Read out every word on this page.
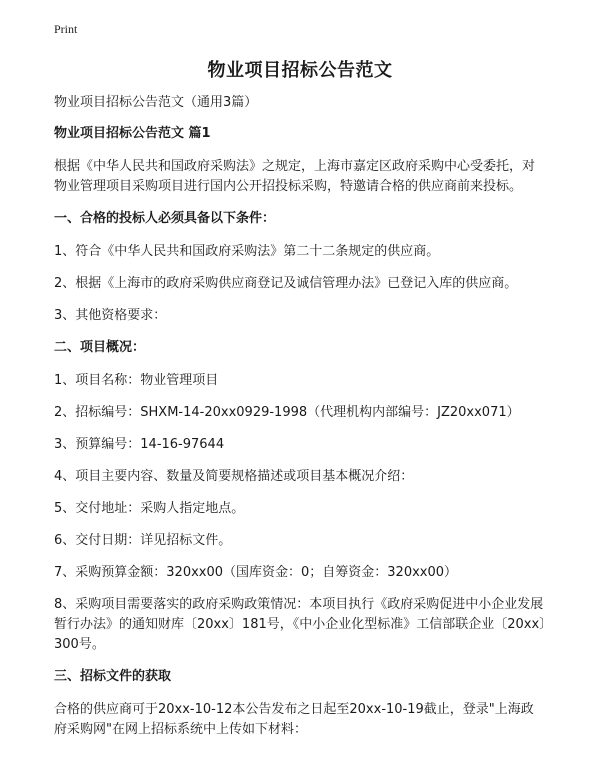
Print
物业项目招标公告范文
物业项目招标公告范文（通用3篇）
物业项目招标公告范文 篇1
根据《中华人民共和国政府采购法》之规定，上海市嘉定区政府采购中心受委托，对物业管理项目采购项目进行国内公开招投标采购，特邀请合格的供应商前来投标。
一、合格的投标人必须具备以下条件：
1、符合《中华人民共和国政府采购法》第二十二条规定的供应商。
2、根据《上海市的政府采购供应商登记及诚信管理办法》已登记入库的供应商。
3、其他资格要求：
二、项目概况：
1、项目名称：物业管理项目
2、招标编号：SHXM-14-20xx0929-1998（代理机构内部编号：JZ20xx071）
3、预算编号：14-16-97644
4、项目主要内容、数量及简要规格描述或项目基本概况介绍：
5、交付地址：采购人指定地点。
6、交付日期：详见招标文件。
7、采购预算金额：320xx00（国库资金：0；自筹资金：320xx00）
8、采购项目需要落实的政府采购政策情况：本项目执行《政府采购促进中小企业发展暂行办法》的通知财库〔20xx〕181号，《中小企业化型标准》工信部联企业〔20xx〕300号。
三、招标文件的获取
合格的供应商可于20xx-10-12本公告发布之日起至20xx-10-19截止，登录"上海政府采购网"在网上招标系统中上传如下材料：
